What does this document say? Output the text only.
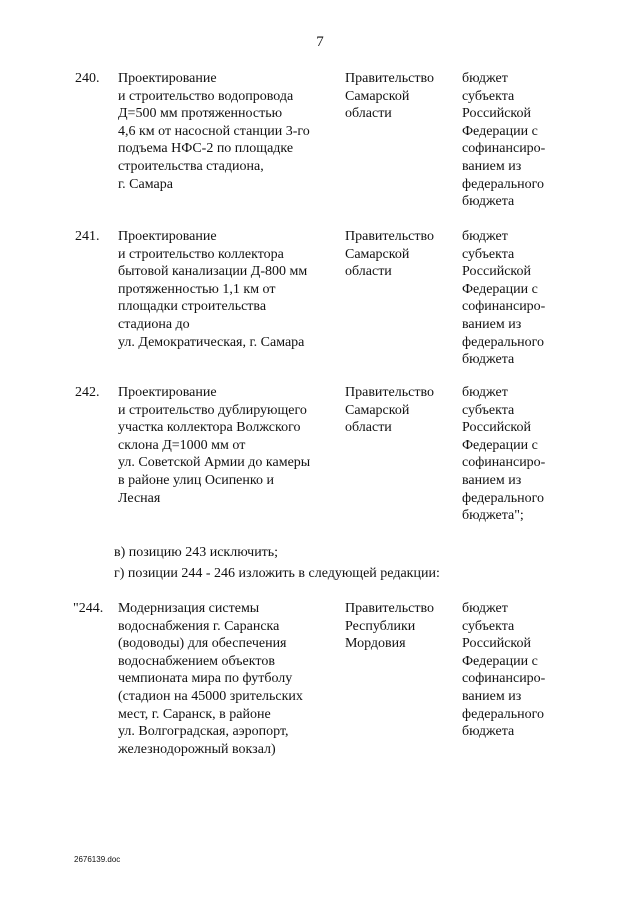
7
240. Проектирование
и строительство водопровода
Д=500 мм протяженностью
4,6 км от насосной станции 3-го
подъема НФС-2 по площадке
строительства стадиона,
г. Самара
Правительство
Самарской
области
бюджет
субъекта
Российской
Федерации с
софинансиро-
ванием из
федерального
бюджета
241. Проектирование
и строительство коллектора
бытовой канализации Д-800 мм
протяженностью 1,1 км от
площадки строительства
стадиона до
ул. Демократическая, г. Самара
Правительство
Самарской
области
бюджет
субъекта
Российской
Федерации с
софинансиро-
ванием из
федерального
бюджета
242. Проектирование
и строительство дублирующего
участка коллектора Волжского
склона Д=1000 мм от
ул. Советской Армии до камеры
в районе улиц Осипенко и
Лесная
Правительство
Самарской
области
бюджет
субъекта
Российской
Федерации с
софинансиро-
ванием из
федерального
бюджета";
в) позицию 243 исключить;
г) позиции 244 - 246 изложить в следующей редакции:
"244. Модернизация системы
водоснабжения г. Саранска
(водоводы) для обеспечения
водоснабжением объектов
чемпионата мира по футболу
(стадион на 45000 зрительских
мест, г. Саранск, в районе
ул. Волгоградская, аэропорт,
железнодорожный вокзал)
Правительство
Республики
Мордовия
бюджет
субъекта
Российской
Федерации с
софинансиро-
ванием из
федерального
бюджета
2676139.doc
